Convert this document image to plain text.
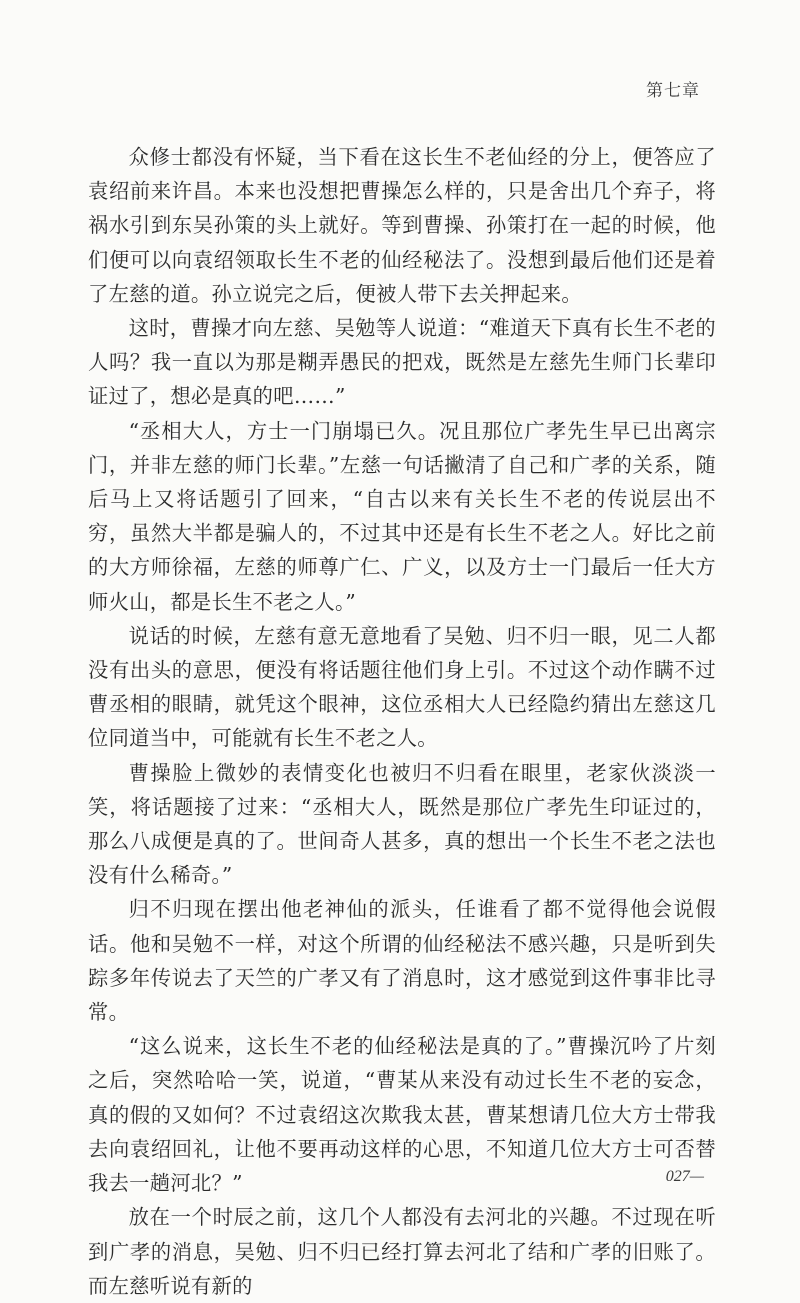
第七章

众修士都没有怀疑，当下看在这长生不老仙经的分上，便答应了袁绍前来许昌。本来也没想把曹操怎么样的，只是舍出几个弃子，将祸水引到东吴孙策的头上就好。等到曹操、孙策打在一起的时候，他们便可以向袁绍领取长生不老的仙经秘法了。没想到最后他们还是着了左慈的道。孙立说完之后，便被人带下去关押起来。

这时，曹操才向左慈、吴勉等人说道：“难道天下真有长生不老的人吗？我一直以为那是糊弄愚民的把戏，既然是左慈先生师门长辈印证过了，想必是真的吧……”

“丞相大人，方士一门崩塌已久。况且那位广孝先生早已出离宗门，并非左慈的师门长辈。”左慈一句话撇清了自己和广孝的关系，随后马上又将话题引了回来，“自古以来有关长生不老的传说层出不穷，虽然大半都是骗人的，不过其中还是有长生不老之人。好比之前的大方师徐福，左慈的师尊广仁、广义，以及方士一门最后一任大方师火山，都是长生不老之人。”

说话的时候，左慈有意无意地看了吴勉、归不归一眼，见二人都没有出头的意思，便没有将话题往他们身上引。不过这个动作瞒不过曹丞相的眼睛，就凭这个眼神，这位丞相大人已经隐约猜出左慈这几位同道当中，可能就有长生不老之人。

曹操脸上微妙的表情变化也被归不归看在眼里，老家伙淡淡一笑，将话题接了过来：“丞相大人，既然是那位广孝先生印证过的，那么八成便是真的了。世间奇人甚多，真的想出一个长生不老之法也没有什么稀奇。”

归不归现在摆出他老神仙的派头，任谁看了都不觉得他会说假话。他和吴勉不一样，对这个所谓的仙经秘法不感兴趣，只是听到失踪多年传说去了天竺的广孝又有了消息时，这才感觉到这件事非比寻常。

“这么说来，这长生不老的仙经秘法是真的了。”曹操沉吟了片刻之后，突然哈哈一笑，说道，“曹某从来没有动过长生不老的妄念，真的假的又如何？不过袁绍这次欺我太甚，曹某想请几位大方士带我去向袁绍回礼，让他不要再动这样的心思，不知道几位大方士可否替我去一趟河北？”

放在一个时辰之前，这几个人都没有去河北的兴趣。不过现在听到广孝的消息，吴勉、归不归已经打算去河北了结和广孝的旧账了。而左慈听说有新的

027—
